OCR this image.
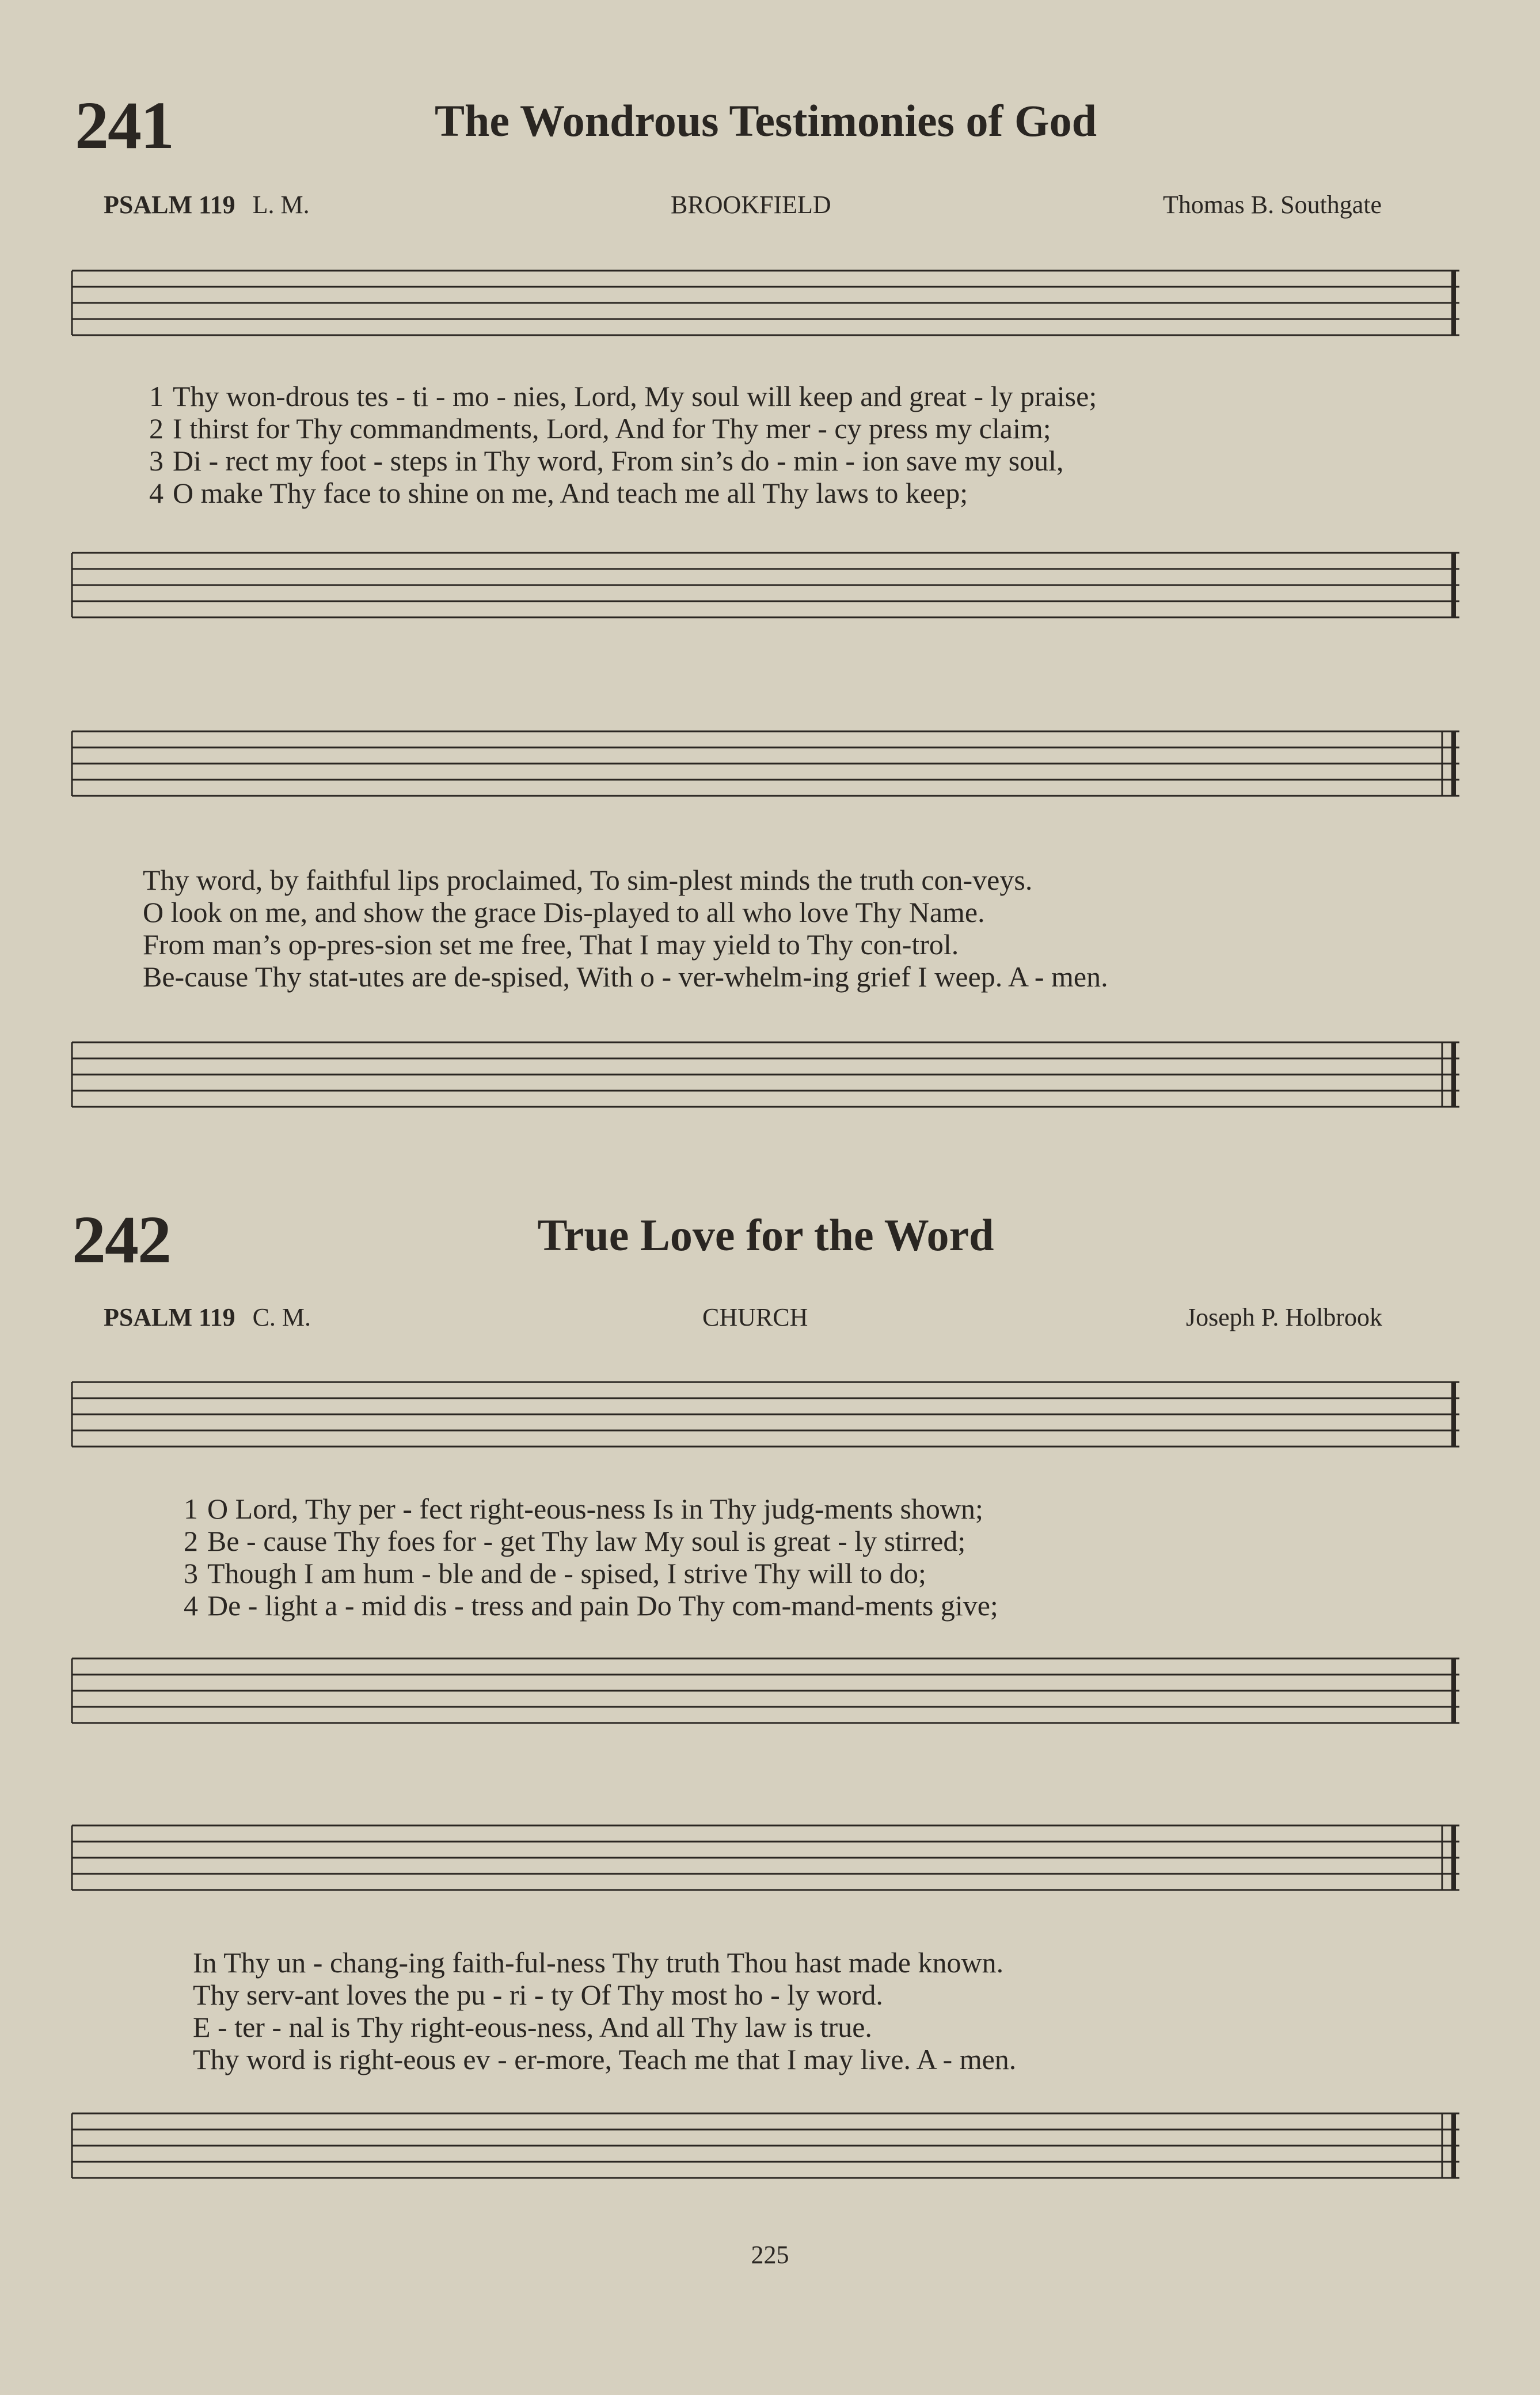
241	The Wondrous Testimonies of God
PSALM 119 L. M.	BROOKFIELD	Thomas B. Southgate
1 Thy won-drous tes - ti - mo - nies, Lord, My soul will keep and great - ly praise;
2 I thirst for Thy commandments, Lord, And for Thy mer - cy press my claim;
3 Di - rect my foot - steps in Thy word, From sin’s do - min - ion save my soul,
4 O make Thy face to shine on me, And teach me all Thy laws to keep;
Thy word, by faithful lips proclaimed, To sim-plest minds the truth con-veys.
O look on me, and show the grace Dis-played to all who love Thy Name.
From man’s op-pres-sion set me free, That I may yield to Thy con-trol.
Be-cause Thy stat-utes are de-spised, With o - ver-whelm-ing grief I weep. A - men.
242	True Love for the Word
PSALM 119 C. M.	CHURCH	Joseph P. Holbrook
1 O Lord, Thy per - fect right-eous-ness Is in Thy judg-ments shown;
2 Be - cause Thy foes for - get Thy law My soul is great - ly stirred;
3 Though I am hum - ble and de - spised, I strive Thy will to do;
4 De - light a - mid dis - tress and pain Do Thy com-mand-ments give;
In Thy un - chang-ing faith-ful-ness Thy truth Thou hast made known.
Thy serv-ant loves the pu - ri - ty Of Thy most ho - ly word.
E - ter - nal is Thy right-eous-ness, And all Thy law is true.
Thy word is right-eous ev - er-more, Teach me that I may live. A - men.
225
